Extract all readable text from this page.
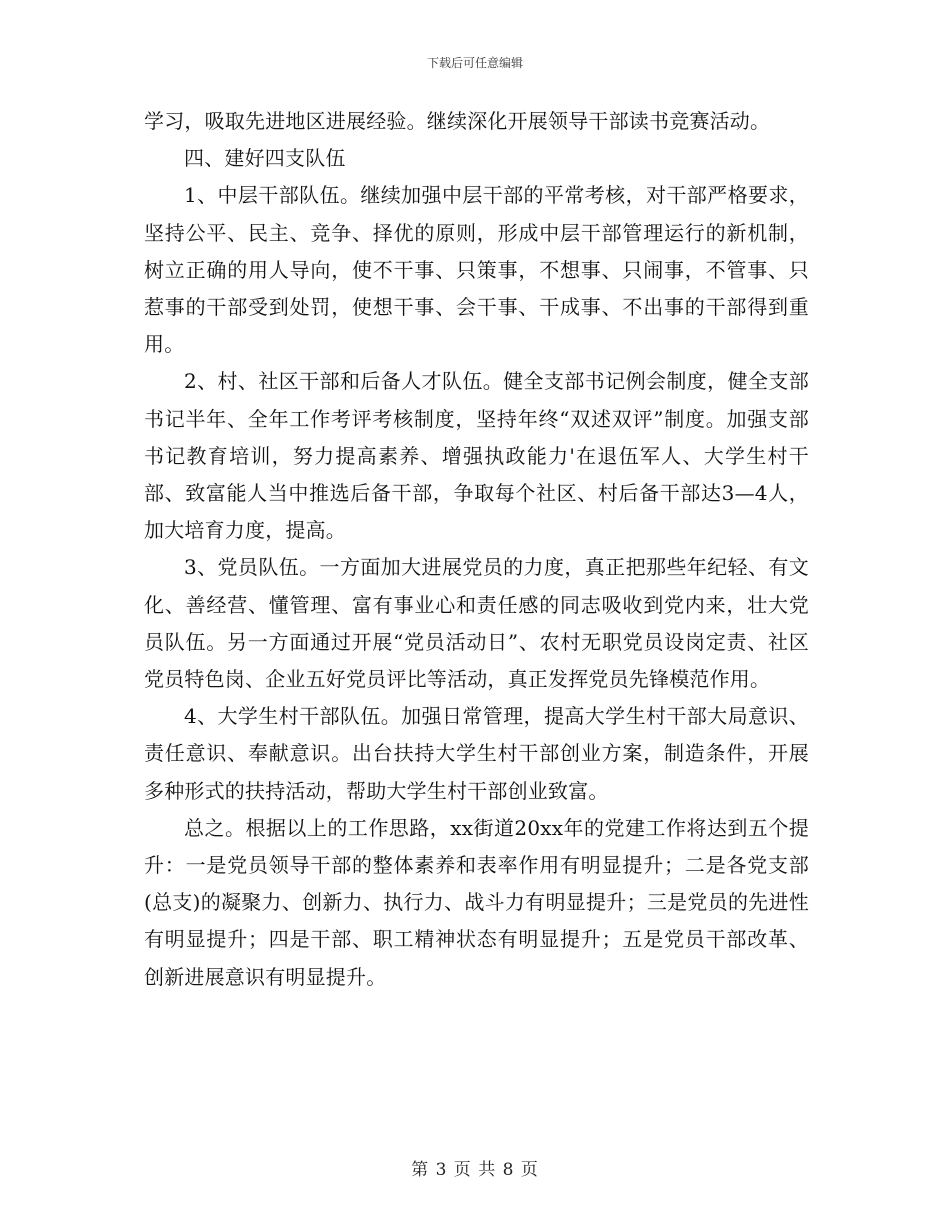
下载后可任意编辑

学习，吸取先进地区进展经验。继续深化开展领导干部读书竞赛活动。

四、建好四支队伍

1、中层干部队伍。继续加强中层干部的平常考核，对干部严格要求，坚持公平、民主、竞争、择优的原则，形成中层干部管理运行的新机制，树立正确的用人导向，使不干事、只策事，不想事、只闹事，不管事、只惹事的干部受到处罚，使想干事、会干事、干成事、不出事的干部得到重用。

2、村、社区干部和后备人才队伍。健全支部书记例会制度，健全支部书记半年、全年工作考评考核制度，坚持年终“双述双评”制度。加强支部书记教育培训，努力提高素养、增强执政能力'在退伍军人、大学生村干部、致富能人当中推选后备干部，争取每个社区、村后备干部达3—4人，加大培育力度，提高。

3、党员队伍。一方面加大进展党员的力度，真正把那些年纪轻、有文化、善经营、懂管理、富有事业心和责任感的同志吸收到党内来，壮大党员队伍。另一方面通过开展“党员活动日”、农村无职党员设岗定责、社区党员特色岗、企业五好党员评比等活动，真正发挥党员先锋模范作用。

4、大学生村干部队伍。加强日常管理，提高大学生村干部大局意识、责任意识、奉献意识。出台扶持大学生村干部创业方案，制造条件，开展多种形式的扶持活动，帮助大学生村干部创业致富。

总之。根据以上的工作思路，xx街道20xx年的党建工作将达到五个提升：一是党员领导干部的整体素养和表率作用有明显提升；二是各党支部(总支)的凝聚力、创新力、执行力、战斗力有明显提升；三是党员的先进性有明显提升；四是干部、职工精神状态有明显提升；五是党员干部改革、创新进展意识有明显提升。

第 3 页 共 8 页
